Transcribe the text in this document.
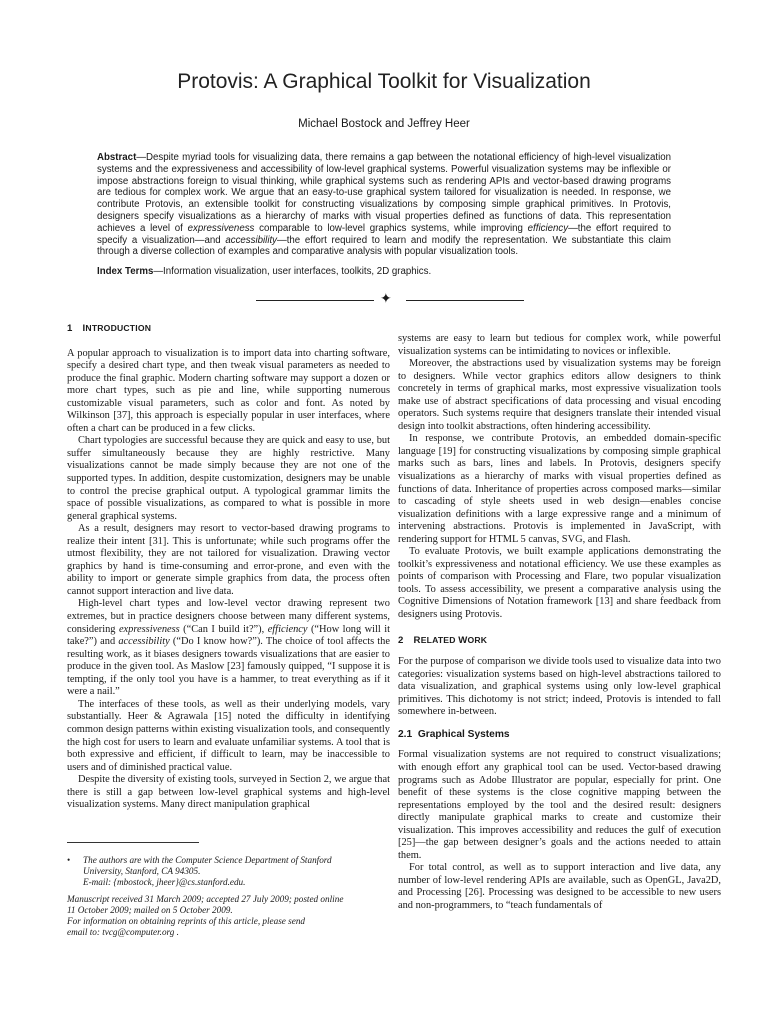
Protovis: A Graphical Toolkit for Visualization
Michael Bostock and Jeffrey Heer
Abstract—Despite myriad tools for visualizing data, there remains a gap between the notational efficiency of high-level visualization systems and the expressiveness and accessibility of low-level graphical systems. Powerful visualization systems may be inflexible or impose abstractions foreign to visual thinking, while graphical systems such as rendering APIs and vector-based drawing programs are tedious for complex work. We argue that an easy-to-use graphical system tailored for visualization is needed. In response, we contribute Protovis, an extensible toolkit for constructing visualizations by composing simple graphical primitives. In Protovis, designers specify visualizations as a hierarchy of marks with visual properties defined as functions of data. This representation achieves a level of expressiveness comparable to low-level graphics systems, while improving efficiency—the effort required to specify a visualization—and accessibility—the effort required to learn and modify the representation. We substantiate this claim through a diverse collection of examples and comparative analysis with popular visualization tools.
Index Terms—Information visualization, user interfaces, toolkits, 2D graphics.
✦
1 INTRODUCTION

A popular approach to visualization is to import data into charting software, specify a desired chart type, and then tweak visual parameters as needed to produce the final graphic. Modern charting software may support a dozen or more chart types, such as pie and line, while supporting numerous customizable visual parameters, such as color and font. As noted by Wilkinson [37], this approach is especially popular in user interfaces, where often a chart can be produced in a few clicks.

Chart typologies are successful because they are quick and easy to use, but suffer simultaneously because they are highly restrictive. Many visualizations cannot be made simply because they are not one of the supported types. In addition, despite customization, designers may be unable to control the precise graphical output. A typological grammar limits the space of possible visualizations, as compared to what is possible in more general graphical systems.

As a result, designers may resort to vector-based drawing programs to realize their intent [31]. This is unfortunate; while such programs offer the utmost flexibility, they are not tailored for visualization. Drawing vector graphics by hand is time-consuming and error-prone, and even with the ability to import or generate simple graphics from data, the process often cannot support interaction and live data.

High-level chart types and low-level vector drawing represent two extremes, but in practice designers choose between many different systems, considering expressiveness (“Can I build it?”), efficiency (“How long will it take?”) and accessibility (“Do I know how?”). The choice of tool affects the resulting work, as it biases designers towards visualizations that are easier to produce in the given tool. As Maslow [23] famously quipped, “I suppose it is tempting, if the only tool you have is a hammer, to treat everything as if it were a nail.”

The interfaces of these tools, as well as their underlying models, vary substantially. Heer & Agrawala [15] noted the difficulty in identifying common design patterns within existing visualization tools, and consequently the high cost for users to learn and evaluate unfamiliar systems. A tool that is both expressive and efficient, if difficult to learn, may be inaccessible to users and of diminished practical value.

Despite the diversity of existing tools, surveyed in Section 2, we argue that there is still a gap between low-level graphical systems and high-level visualization systems. Many direct manipulation graphical

• The authors are with the Computer Science Department of Stanford
University, Stanford, CA 94305.
E-mail: {mbostock, jheer}@cs.stanford.edu.
Manuscript received 31 March 2009; accepted 27 July 2009; posted online
11 October 2009; mailed on 5 October 2009.
For information on obtaining reprints of this article, please send
email to: tvcg@computer.org .

systems are easy to learn but tedious for complex work, while powerful visualization systems can be intimidating to novices or inflexible.

Moreover, the abstractions used by visualization systems may be foreign to designers. While vector graphics editors allow designers to think concretely in terms of graphical marks, most expressive visualization tools make use of abstract specifications of data processing and visual encoding operators. Such systems require that designers translate their intended visual design into toolkit abstractions, often hindering accessibility.

In response, we contribute Protovis, an embedded domain-specific language [19] for constructing visualizations by composing simple graphical marks such as bars, lines and labels. In Protovis, designers specify visualizations as a hierarchy of marks with visual properties defined as functions of data. Inheritance of properties across composed marks—similar to cascading of style sheets used in web design—enables concise visualization definitions with a large expressive range and a minimum of intervening abstractions. Protovis is implemented in JavaScript, with rendering support for HTML 5 canvas, SVG, and Flash.

To evaluate Protovis, we built example applications demonstrating the toolkit’s expressiveness and notational efficiency. We use these examples as points of comparison with Processing and Flare, two popular visualization tools. To assess accessibility, we present a comparative analysis using the Cognitive Dimensions of Notation framework [13] and share feedback from designers using Protovis.

2 RELATED WORK

For the purpose of comparison we divide tools used to visualize data into two categories: visualization systems based on high-level abstractions tailored to data visualization, and graphical systems using only low-level graphical primitives. This dichotomy is not strict; indeed, Protovis is intended to fall somewhere in-between.

2.1 Graphical Systems

Formal visualization systems are not required to construct visualizations; with enough effort any graphical tool can be used. Vector-based drawing programs such as Adobe Illustrator are popular, especially for print. One benefit of these systems is the close cognitive mapping between the representations employed by the tool and the desired result: designers directly manipulate graphical marks to create and customize their visualization. This improves accessibility and reduces the gulf of execution [25]—the gap between designer’s goals and the actions needed to attain them.

For total control, as well as to support interaction and live data, any number of low-level rendering APIs are available, such as OpenGL, Java2D, and Processing [26]. Processing was designed to be accessible to new users and non-programmers, to “teach fundamentals of
